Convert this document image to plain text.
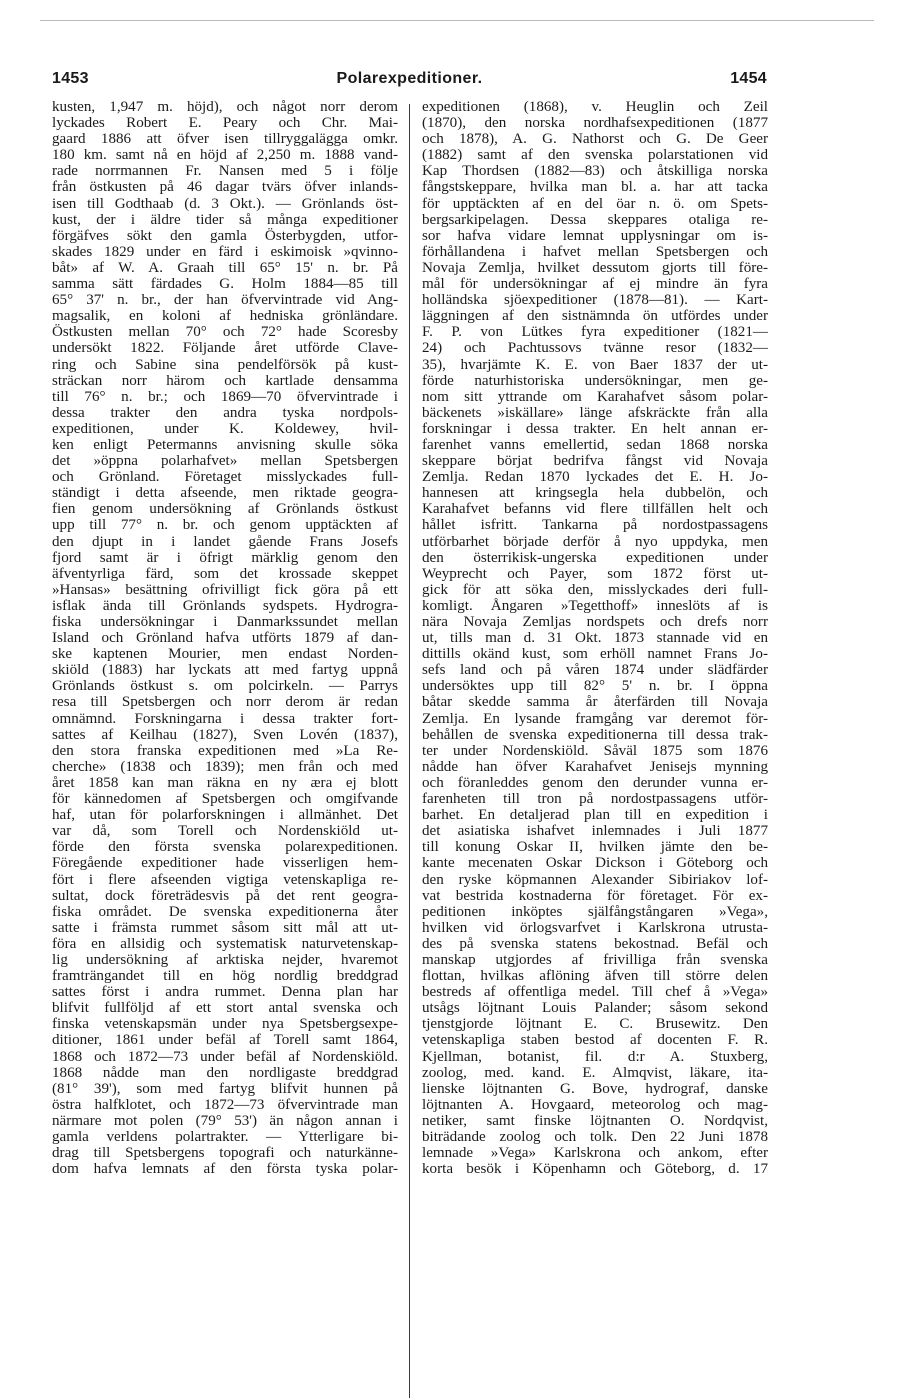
1453	Polarexpeditioner.	1454
kusten, 1,947 m. höjd), och något norr derom
lyckades Robert E. Peary och Chr. Mai-
gaard 1886 att öfver isen tillryggalägga omkr.
180 km. samt nå en höjd af 2,250 m. 1888 vand-
rade norrmannen Fr. Nansen med 5 i följe
från östkusten på 46 dagar tvärs öfver inlands-
isen till Godthaab (d. 3 Okt.). — Grönlands öst-
kust, der i äldre tider så många expeditioner
förgäfves sökt den gamla Österbygden, utfor-
skades 1829 under en färd i eskimoisk »qvinno-
båt» af W. A. Graah till 65° 15' n. br. På
samma sätt färdades G. Holm 1884—85 till
65° 37' n. br., der han öfvervintrade vid Ang-
magsalik, en koloni af hedniska grönländare.
Östkusten mellan 70° och 72° hade Scoresby
undersökt 1822. Följande året utförde Clave-
ring och Sabine sina pendelförsök på kust-
sträckan norr härom och kartlade densamma
till 76° n. br.; och 1869—70 öfvervintrade i
dessa trakter den andra tyska nordpols-
expeditionen, under K. Koldewey, hvil-
ken enligt Petermanns anvisning skulle söka
det »öppna polarhafvet» mellan Spetsbergen
och Grönland. Företaget misslyckades full-
ständigt i detta afseende, men riktade geogra-
fien genom undersökning af Grönlands östkust
upp till 77° n. br. och genom upptäckten af
den djupt in i landet gående Frans Josefs
fjord samt är i öfrigt märklig genom den
äfventyrliga färd, som det krossade skeppet
»Hansas» besättning ofrivilligt fick göra på ett
isflak ända till Grönlands sydspets. Hydrogra-
fiska undersökningar i Danmarkssundet mellan
Island och Grönland hafva utförts 1879 af dan-
ske kaptenen Mourier, men endast Norden-
skiöld (1883) har lyckats att med fartyg uppnå
Grönlands östkust s. om polcirkeln. — Parrys
resa till Spetsbergen och norr derom är redan
omnämnd. Forskningarna i dessa trakter fort-
sattes af Keilhau (1827), Sven Lovén (1837),
den stora franska expeditionen med »La Re-
cherche» (1838 och 1839); men från och med
året 1858 kan man räkna en ny æra ej blott
för kännedomen af Spetsbergen och omgifvande
haf, utan för polarforskningen i allmänhet. Det
var då, som Torell och Nordenskiöld ut-
förde den första svenska polarexpeditionen.
Föregående expeditioner hade visserligen hem-
fört i flere afseenden vigtiga vetenskapliga re-
sultat, dock företrädesvis på det rent geogra-
fiska området. De svenska expeditionerna åter
satte i främsta rummet såsom sitt mål att ut-
föra en allsidig och systematisk naturvetenskap-
lig undersökning af arktiska nejder, hvaremot
framträngandet till en hög nordlig breddgrad
sattes först i andra rummet. Denna plan har
blifvit fullföljd af ett stort antal svenska och
finska vetenskapsmän under nya Spetsbergsexpe-
ditioner, 1861 under befäl af Torell samt 1864,
1868 och 1872—73 under befäl af Nordenskiöld.
1868 nådde man den nordligaste breddgrad
(81° 39'), som med fartyg blifvit hunnen på
östra halfklotet, och 1872—73 öfvervintrade man
närmare mot polen (79° 53') än någon annan i
gamla verldens polartrakter. — Ytterligare bi-
drag till Spetsbergens topografi och naturkänne-
dom hafva lemnats af den första tyska polar-
expeditionen (1868), v. Heuglin och Zeil
(1870), den norska nordhafsexpeditionen (1877
och 1878), A. G. Nathorst och G. De Geer
(1882) samt af den svenska polarstationen vid
Kap Thordsen (1882—83) och åtskilliga norska
fångstskeppare, hvilka man bl. a. har att tacka
för upptäckten af en del öar n. ö. om Spets-
bergsarkipelagen. Dessa skeppares otaliga re-
sor hafva vidare lemnat upplysningar om is-
förhållandena i hafvet mellan Spetsbergen och
Novaja Zemlja, hvilket dessutom gjorts till före-
mål för undersökningar af ej mindre än fyra
holländska sjöexpeditioner (1878—81). — Kart-
läggningen af den sistnämnda ön utfördes under
F. P. von Lütkes fyra expeditioner (1821—
24) och Pachtussovs tvänne resor (1832—
35), hvarjämte K. E. von Baer 1837 der ut-
förde naturhistoriska undersökningar, men ge-
nom sitt yttrande om Karahafvet såsom polar-
bäckenets »iskällare» länge afskräckte från alla
forskningar i dessa trakter. En helt annan er-
farenhet vanns emellertid, sedan 1868 norska
skeppare börjat bedrifva fångst vid Novaja
Zemlja. Redan 1870 lyckades det E. H. Jo-
hannesen att kringsegla hela dubbelön, och
Karahafvet befanns vid flere tillfällen helt och
hållet isfritt. Tankarna på nordostpassagens
utförbarhet började derför å nyo uppdyka, men
den österrikisk-ungerska expeditionen under
Weyprecht och Payer, som 1872 först ut-
gick för att söka den, misslyckades deri full-
komligt. Ångaren »Tegetthoff» inneslöts af is
nära Novaja Zemljas nordspets och drefs norr
ut, tills man d. 31 Okt. 1873 stannade vid en
dittills okänd kust, som erhöll namnet Frans Jo-
sefs land och på våren 1874 under slädfärder
undersöktes upp till 82° 5' n. br. I öppna
båtar skedde samma år återfärden till Novaja
Zemlja. En lysande framgång var deremot för-
behållen de svenska expeditionerna till dessa trak-
ter under Nordenskiöld. Såväl 1875 som 1876
nådde han öfver Karahafvet Jenisejs mynning
och föranleddes genom den derunder vunna er-
farenheten till tron på nordostpassagens utför-
barhet. En detaljerad plan till en expedition i
det asiatiska ishafvet inlemnades i Juli 1877
till konung Oskar II, hvilken jämte den be-
kante mecenaten Oskar Dickson i Göteborg och
den ryske köpmannen Alexander Sibiriakov lof-
vat bestrida kostnaderna för företaget. För ex-
peditionen inköptes själfångstångaren »Vega»,
hvilken vid örlogsvarfvet i Karlskrona utrusta-
des på svenska statens bekostnad. Befäl och
manskap utgjordes af frivilliga från svenska
flottan, hvilkas aflöning äfven till större delen
bestreds af offentliga medel. Till chef å »Vega»
utsågs löjtnant Louis Palander; såsom sekond
tjenstgjorde löjtnant E. C. Brusewitz. Den
vetenskapliga staben bestod af docenten F. R.
Kjellman, botanist, fil. d:r A. Stuxberg,
zoolog, med. kand. E. Almqvist, läkare, ita-
lienske löjtnanten G. Bove, hydrograf, danske
löjtnanten A. Hovgaard, meteorolog och mag-
netiker, samt finske löjtnanten O. Nordqvist,
biträdande zoolog och tolk. Den 22 Juni 1878
lemnade »Vega» Karlskrona och ankom, efter
korta besök i Köpenhamn och Göteborg, d. 17
